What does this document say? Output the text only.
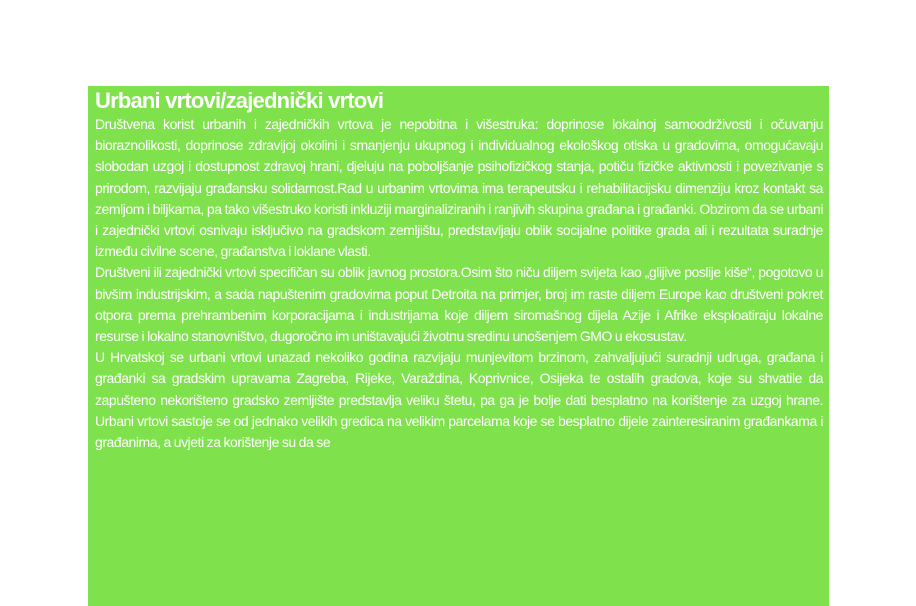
Urbani vrtovi/zajednički vrtovi

Društvena korist urbanih i zajedničkih vrtova je nepobitna i višestruka: doprinose lokalnoj samoodrživosti i očuvanju bioraznolikosti, doprinose zdravijoj okolini i smanjenju ukupnog i individualnog ekološkog otiska u gradovima, omogućavaju slobodan uzgoj i dostupnost zdravoj hrani, djeluju na poboljšanje psihofizičkog stanja, potiču fizičke aktivnosti i povezivanje s prirodom, razvijaju građansku solidarnost.Rad u urbanim vrtovima ima terapeutsku i rehabilitacijsku dimenziju kroz kontakt sa zemljom i biljkama, pa tako višestruko koristi inkluziji marginaliziranih i ranjivih skupina građana i građanki. Obzirom da se urbani i zajednički vrtovi osnivaju isključivo na gradskom zemljištu, predstavljaju oblik socijalne politike grada ali i rezultata suradnje između civilne scene, građanstva i loklane vlasti.

Društveni ili zajednički vrtovi specifičan su oblik javnog prostora.Osim što niču diljem svijeta kao „glijive poslije kiše“, pogotovo u bivšim industrijskim, a sada napuštenim gradovima poput Detroita na primjer, broj im raste diljem Europe kao društveni pokret otpora prema prehrambenim korporacijama i industrijama koje diljem siromašnog dijela Azije i Afrike eksploatiraju lokalne resurse i lokalno stanovništvo, dugoročno im uništavajući životnu sredinu unošenjem GMO u ekosustav.

U Hrvatskoj se urbani vrtovi unazad nekoliko godina razvijaju munjevitom brzinom, zahvaljujući suradnji udruga, građana i građanki sa gradskim upravama Zagreba, Rijeke, Varaždina, Koprivnice, Osijeka te ostalih gradova, koje su shvatile da zapušteno nekorišteno gradsko zemljište predstavlja veliku štetu, pa ga je bolje dati besplatno na korištenje za uzgoj hrane. Urbani vrtovi sastoje se od jednako velikih gredica na velikim parcelama koje se besplatno dijele zainteresiranim građankama i građanima, a uvjeti za korištenje su da se
